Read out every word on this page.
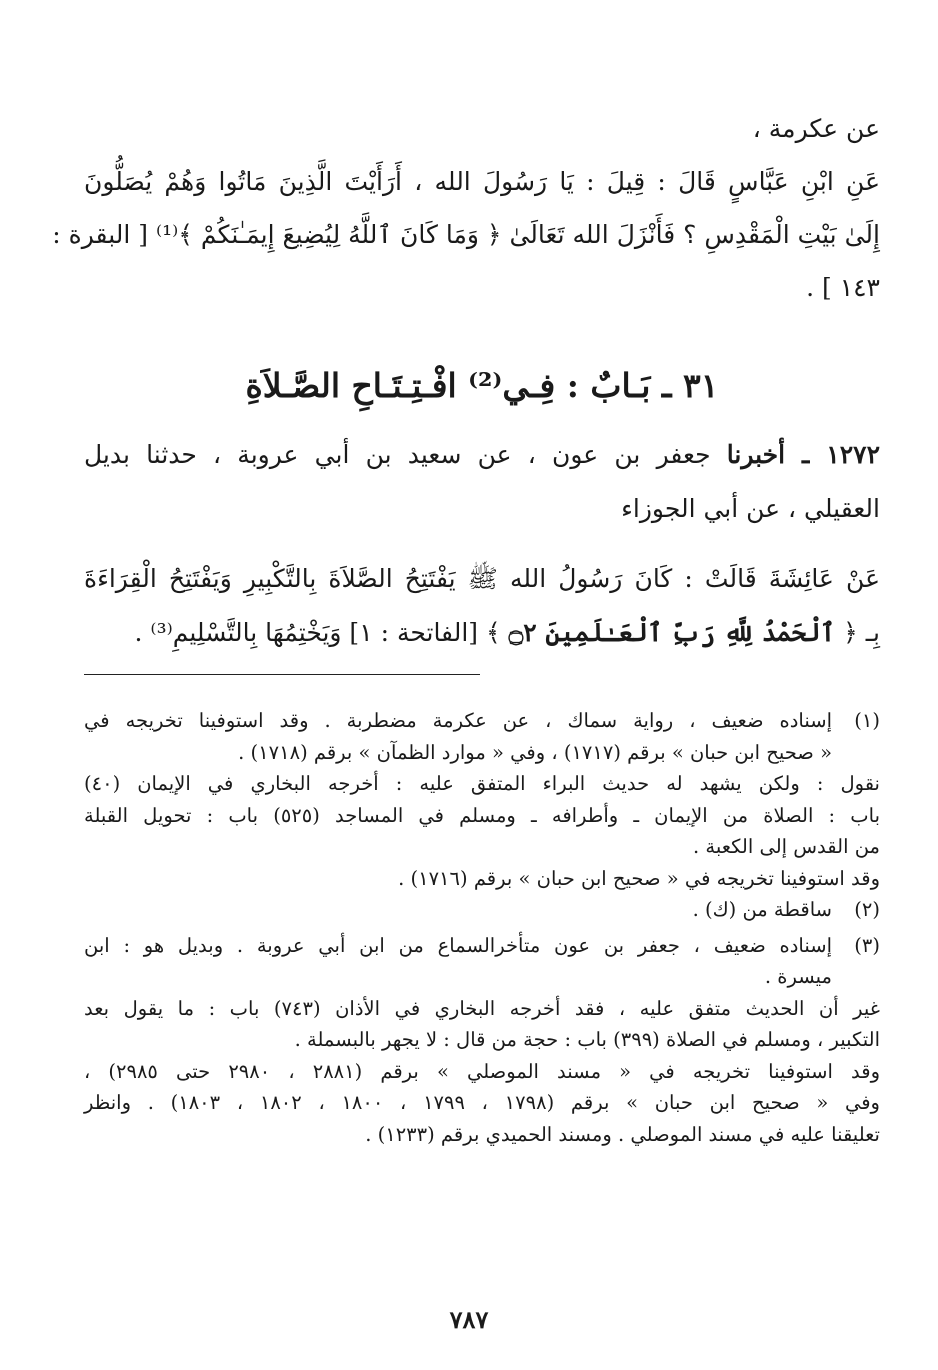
عن عكرمة ،
عَنِ ابْنِ عَبَّاسٍ قَالَ : قِيلَ : يَا رَسُولَ الله ، أَرَأَيْتَ الَّذِينَ مَاتُوا وَهُمْ يُصَلُّونَ
إِلَىٰ بَيْتِ الْمَقْدِسِ ؟ فَأَنْزَلَ الله تَعَالَىٰ ﴿ وَمَا كَانَ ٱللَّهُ لِيُضِيعَ إِيمَـٰنَكُمْ ﴾⁽¹⁾ [ البقرة :
١٤٣ ] .
٣١ ـ بَـابٌ : فِـي⁽²⁾ افْـتِـتَـاحِ الصَّـلاَةِ
١٢٧٢ ـ أخبرنا جعفر بن عون ، عن سعيد بن أبي عروبة ، حدثنا بديل
العقيلي ، عن أبي الجوزاء
عَنْ عَائِشَةَ قَالَتْ : كَانَ رَسُولُ الله ﷺ يَفْتَتِحُ الصَّلاَةَ بِالتَّكْبِيرِ وَيَفْتَتِحُ الْقِرَاءَةَ
بِـ ﴿ ٱلْحَمْدُ لِلَّهِ رَبِّ ٱلْعَـٰلَمِينَ ۝٢ ﴾ [الفاتحة : ١] وَيَخْتِمُهَا بِالتَّسْلِيمِ⁽³⁾ .
(١)
إسناده ضعيف ، رواية سماك ، عن عكرمة مضطربة . وقد استوفينا تخريجه في
« صحيح ابن حبان » برقم (١٧١٧) ، وفي « موارد الظمآن » برقم (١٧١٨) .
نقول : ولكن يشهد له حديث البراء المتفق عليه : أخرجه البخاري في الإيمان (٤٠)
باب : الصلاة من الإيمان ـ وأطرافه ـ ومسلم في المساجد (٥٢٥) باب : تحويل القبلة
من القدس إلى الكعبة .
وقد استوفينا تخريجه في « صحيح ابن حبان » برقم (١٧١٦) .
(٢)
ساقطة من (ك) .
(٣)
إسناده ضعيف ، جعفر بن عون متأخرالسماع من ابن أبي عروبة . وبديل هو : ابن
ميسرة .
غير أن الحديث متفق عليه ، فقد أخرجه البخاري في الأذان (٧٤٣) باب : ما يقول بعد
التكبير ، ومسلم في الصلاة (٣٩٩) باب : حجة من قال : لا يجهر بالبسملة .
وقد استوفينا تخريجه في « مسند الموصلي » برقم (٢٨٨١ ، ٢٩٨٠ حتى ٢٩٨٥) ،
وفي « صحيح ابن حبان » برقم (١٧٩٨ ، ١٧٩٩ ، ١٨٠٠ ، ١٨٠٢ ، ١٨٠٣) . وانظر
تعليقنا عليه في مسند الموصلي . ومسند الحميدي برقم (١٢٣٣) .
٧٨٧
